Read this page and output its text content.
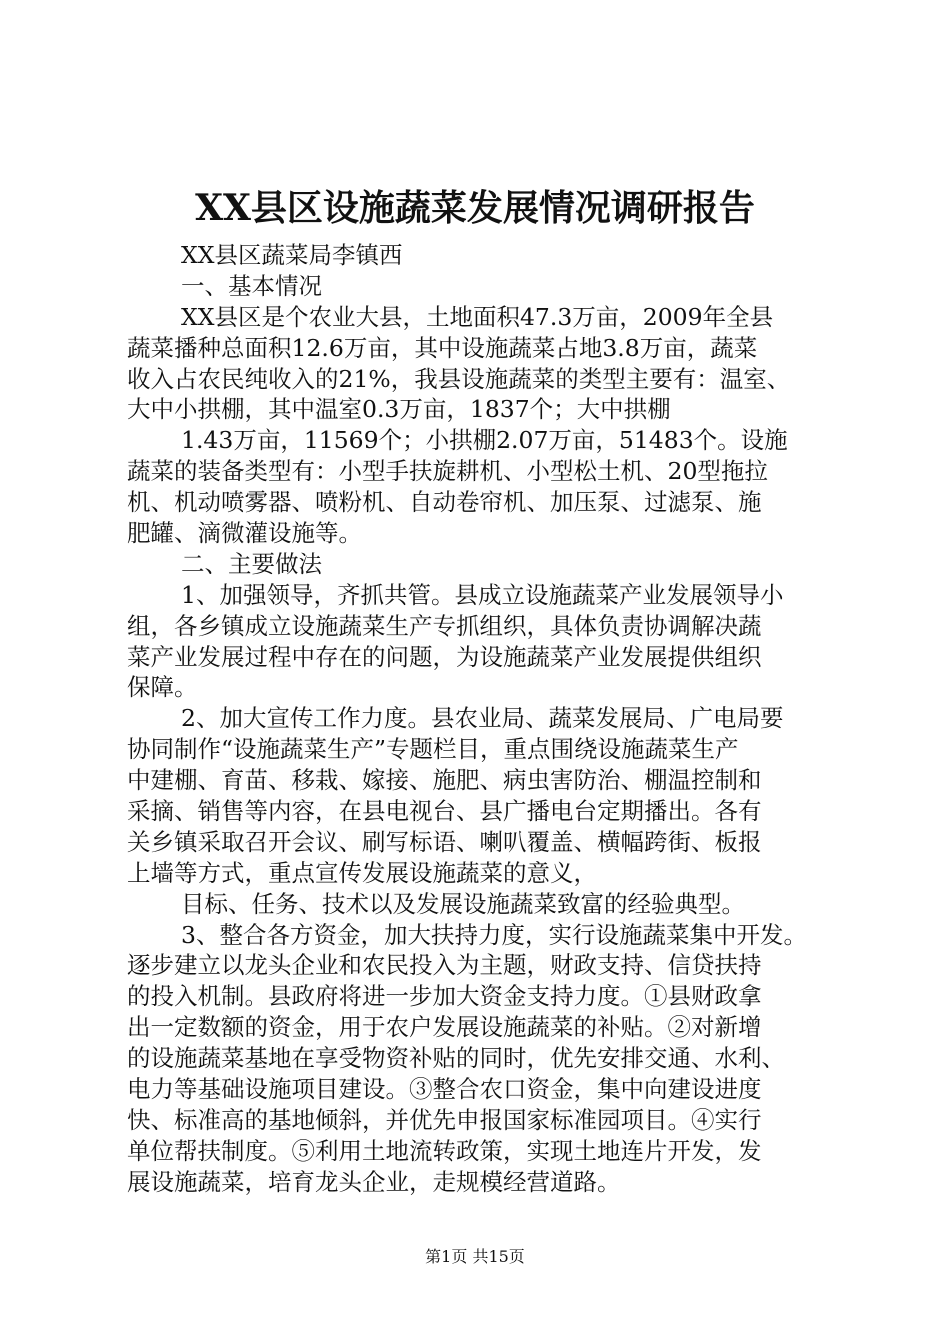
XX县区设施蔬菜发展情况调研报告
XX县区蔬菜局李镇西
一、基本情况
XX县区是个农业大县，土地面积47.3万亩，2009年全县
蔬菜播种总面积12.6万亩，其中设施蔬菜占地3.8万亩，蔬菜
收入占农民纯收入的21%，我县设施蔬菜的类型主要有：温室、
大中小拱棚，其中温室0.3万亩，1837个；大中拱棚
1.43万亩，11569个；小拱棚2.07万亩，51483个。设施
蔬菜的装备类型有：小型手扶旋耕机、小型松土机、20型拖拉
机、机动喷雾器、喷粉机、自动卷帘机、加压泵、过滤泵、施
肥罐、滴微灌设施等。
二、主要做法
1、加强领导，齐抓共管。县成立设施蔬菜产业发展领导小
组，各乡镇成立设施蔬菜生产专抓组织，具体负责协调解决蔬
菜产业发展过程中存在的问题，为设施蔬菜产业发展提供组织
保障。
2、加大宣传工作力度。县农业局、蔬菜发展局、广电局要
协同制作“设施蔬菜生产”专题栏目，重点围绕设施蔬菜生产
中建棚、育苗、移栽、嫁接、施肥、病虫害防治、棚温控制和
采摘、销售等内容，在县电视台、县广播电台定期播出。各有
关乡镇采取召开会议、刷写标语、喇叭覆盖、横幅跨街、板报
上墙等方式，重点宣传发展设施蔬菜的意义，
目标、任务、技术以及发展设施蔬菜致富的经验典型。
3、整合各方资金，加大扶持力度，实行设施蔬菜集中开发。
逐步建立以龙头企业和农民投入为主题，财政支持、信贷扶持
的投入机制。县政府将进一步加大资金支持力度。①县财政拿
出一定数额的资金，用于农户发展设施蔬菜的补贴。②对新增
的设施蔬菜基地在享受物资补贴的同时，优先安排交通、水利、
电力等基础设施项目建设。③整合农口资金，集中向建设进度
快、标准高的基地倾斜，并优先申报国家标准园项目。④实行
单位帮扶制度。⑤利用土地流转政策，实现土地连片开发，发
展设施蔬菜，培育龙头企业，走规模经营道路。
第1页 共15页
